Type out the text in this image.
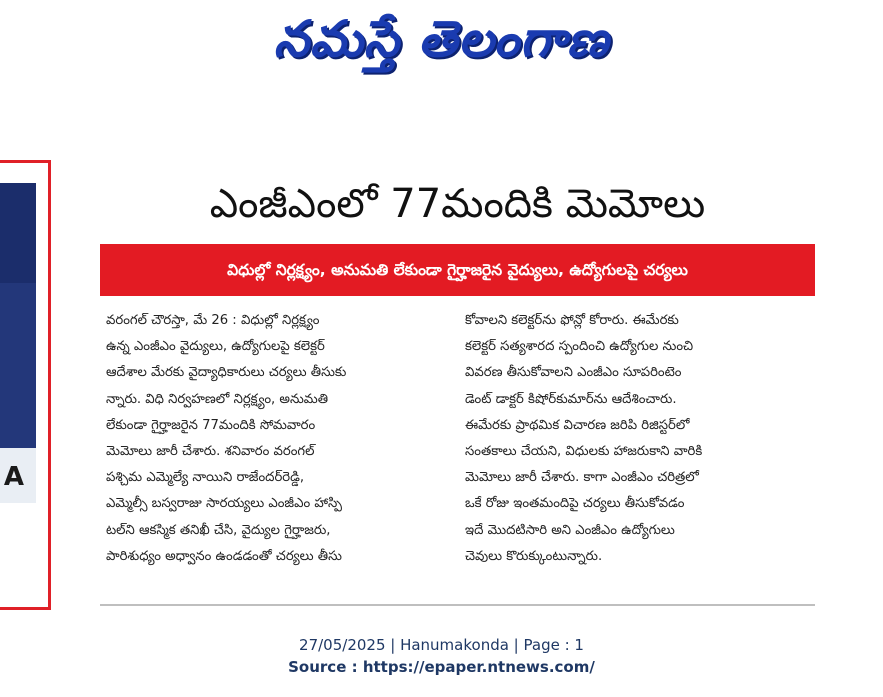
నమస్తే తెలంగాణ
A
ఎంజీఎంలో 77మందికి మెమోలు
విధుల్లో నిర్లక్ష్యం, అనుమతి లేకుండా గైర్హాజరైన వైద్యులు, ఉద్యోగులపై చర్యలు
వరంగల్ చౌరస్తా, మే 26 : విధుల్లో నిర్లక్ష్యం
ఉన్న ఎంజీఎం వైద్యులు, ఉద్యోగులపై కలెక్టర్
ఆదేశాల మేరకు వైద్యాధికారులు చర్యలు తీసుకు
న్నారు. విధి నిర్వహణలో నిర్లక్ష్యం, అనుమతి
లేకుండా గైర్హాజరైన 77మందికి సోమవారం
మెమోలు జారీ చేశారు. శనివారం వరంగల్
పశ్చిమ ఎమ్మెల్యే నాయిని రాజేందర్‌రెడ్డి,
ఎమ్మెల్సీ బస్వరాజు సారయ్యలు ఎంజీఎం హాస్పి
టల్‌ని ఆకస్మిక తనిఖీ చేసి, వైద్యుల గైర్హాజరు,
పారిశుధ్యం అధ్వానం ఉండడంతో చర్యలు తీసు
కోవాలని కలెక్టర్‌ను ఫోన్లో కోరారు. ఈమేరకు
కలెక్టర్ సత్యశారద స్పందించి ఉద్యోగుల నుంచి
వివరణ తీసుకోవాలని ఎంజీఎం సూపరింటెం
డెంట్ డాక్టర్ కిషోర్‌కుమార్‌ను ఆదేశించారు.
ఈమేరకు ప్రాథమిక విచారణ జరిపి రిజిస్టర్‌లో
సంతకాలు చేయని, విధులకు హాజరుకాని వారికి
మెమోలు జారీ చేశారు. కాగా ఎంజీఎం చరిత్రలో
ఒకే రోజు ఇంతమందిపై చర్యలు తీసుకోవడం
ఇదే మొదటిసారి అని ఎంజీఎం ఉద్యోగులు
చెవులు కొరుక్కుంటున్నారు.
27/05/2025 | Hanumakonda | Page : 1
Source : https://epaper.ntnews.com/
